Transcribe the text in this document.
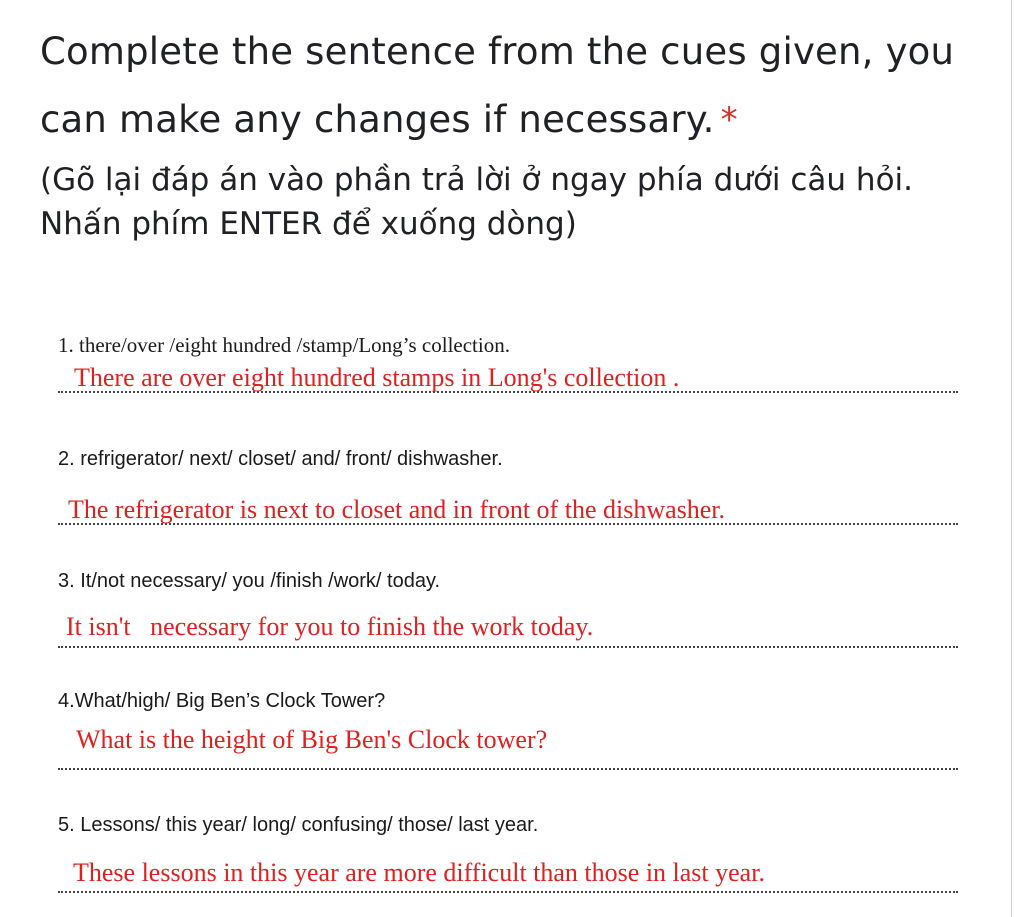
Complete the sentence from the cues given, you can make any changes if necessary. *
(Gõ lại đáp án vào phần trả lời ở ngay phía dưới câu hỏi. Nhấn phím ENTER để xuống dòng)
1. there/over /eight hundred /stamp/Long’s collection.
There are over eight hundred stamps in Long's collection .
2. refrigerator/ next/ closet/ and/ front/ dishwasher.
The refrigerator is next to closet and in front of the dishwasher.
3. It/not necessary/ you /finish /work/ today.
It isn't   necessary for you to finish the work today.
4.What/high/ Big Ben’s Clock Tower?
What is the height of Big Ben's Clock tower?
5. Lessons/ this year/ long/ confusing/ those/ last year.
These lessons in this year are more difficult than those in last year.
